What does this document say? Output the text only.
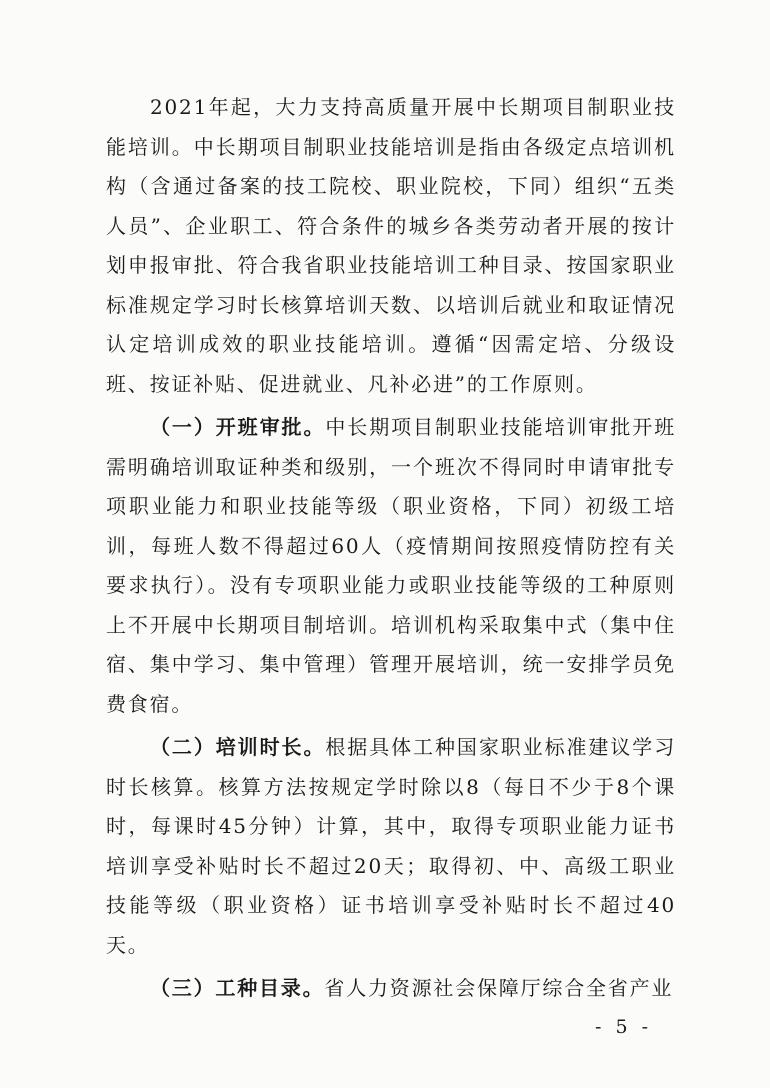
2021年起，大力支持高质量开展中长期项目制职业技能培训。中长期项目制职业技能培训是指由各级定点培训机构（含通过备案的技工院校、职业院校，下同）组织“五类人员”、企业职工、符合条件的城乡各类劳动者开展的按计划申报审批、符合我省职业技能培训工种目录、按国家职业标准规定学习时长核算培训天数、以培训后就业和取证情况认定培训成效的职业技能培训。遵循“因需定培、分级设班、按证补贴、促进就业、凡补必进”的工作原则。

（一）开班审批。中长期项目制职业技能培训审批开班需明确培训取证种类和级别，一个班次不得同时申请审批专项职业能力和职业技能等级（职业资格，下同）初级工培训，每班人数不得超过60人（疫情期间按照疫情防控有关要求执行）。没有专项职业能力或职业技能等级的工种原则上不开展中长期项目制培训。培训机构采取集中式（集中住宿、集中学习、集中管理）管理开展培训，统一安排学员免费食宿。

（二）培训时长。根据具体工种国家职业标准建议学习时长核算。核算方法按规定学时除以8（每日不少于8个课时，每课时45分钟）计算，其中，取得专项职业能力证书培训享受补贴时长不超过20天；取得初、中、高级工职业技能等级（职业资格）证书培训享受补贴时长不超过40天。

（三）工种目录。省人力资源社会保障厅综合全省产业

- 5 -
